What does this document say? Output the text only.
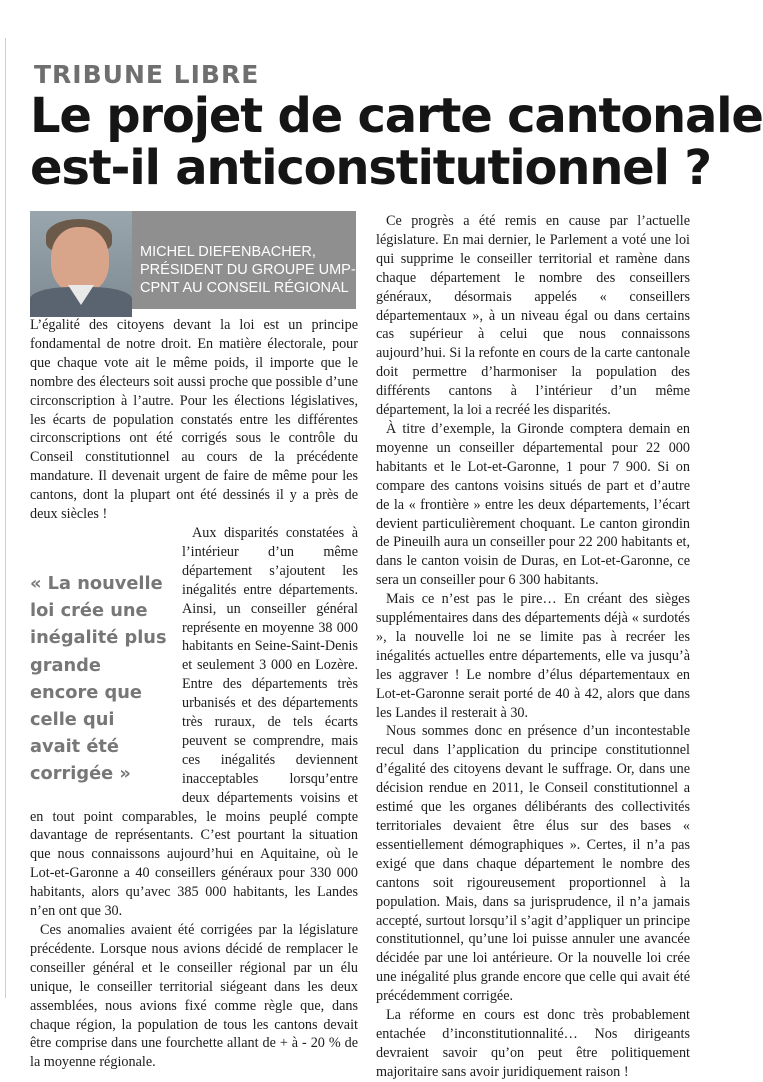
TRIBUNE LIBRE
Le projet de carte cantonale
est-il anticonstitutionnel ?
MICHEL DIEFENBACHER,
PRÉSIDENT DU GROUPE UMP-NC-
CPNT AU CONSEIL RÉGIONAL

L’égalité des citoyens devant la loi est un principe fondamental de notre droit. En matière électorale, pour que chaque vote ait le même poids, il importe que le nombre des électeurs soit aussi proche que possible d’une circonscription à l’autre. Pour les élections législatives, les écarts de population constatés entre les différentes circonscriptions ont été corrigés sous le contrôle du Conseil constitutionnel au cours de la précédente mandature. Il devenait urgent de faire de même pour les cantons, dont la plupart ont été dessinés il y a près de deux siècles !

« La nouvelle loi crée une inégalité plus grande encore que celle qui avait été corrigée »

Aux disparités constatées à l’intérieur d’un même département s’ajoutent les inégalités entre départements. Ainsi, un conseiller général représente en moyenne 38 000 habitants en Seine-Saint-Denis et seulement 3 000 en Lozère. Entre des départements très urbanisés et des départements très ruraux, de tels écarts peuvent se comprendre, mais ces inégalités deviennent inacceptables lorsqu’entre deux départements voisins et en tout point comparables, le moins peuplé compte davantage de représentants. C’est pourtant la situation que nous connaissons aujourd’hui en Aquitaine, où le Lot-et-Garonne a 40 conseillers généraux pour 330 000 habitants, alors qu’avec 385 000 habitants, les Landes n’en ont que 30.

Ces anomalies avaient été corrigées par la législature précédente. Lorsque nous avions décidé de remplacer le conseiller général et le conseiller régional par un élu unique, le conseiller territorial siégeant dans les deux assemblées, nous avions fixé comme règle que, dans chaque région, la population de tous les cantons devait être comprise dans une fourchette allant de + à - 20 % de la moyenne régionale.

Ce progrès a été remis en cause par l’actuelle législature. En mai dernier, le Parlement a voté une loi qui supprime le conseiller territorial et ramène dans chaque département le nombre des conseillers généraux, désormais appelés « conseillers départementaux », à un niveau égal ou dans certains cas supérieur à celui que nous connaissons aujourd’hui. Si la refonte en cours de la carte cantonale doit permettre d’harmoniser la population des différents cantons à l’intérieur d’un même département, la loi a recréé les disparités.

À titre d’exemple, la Gironde comptera demain en moyenne un conseiller départemental pour 22 000 habitants et le Lot-et-Garonne, 1 pour 7 900. Si on compare des cantons voisins situés de part et d’autre de la « frontière » entre les deux départements, l’écart devient particulièrement choquant. Le canton girondin de Pineuilh aura un conseiller pour 22 200 habitants et, dans le canton voisin de Duras, en Lot-et-Garonne, ce sera un conseiller pour 6 300 habitants.

Mais ce n’est pas le pire… En créant des sièges supplémentaires dans des départements déjà « surdotés », la nouvelle loi ne se limite pas à recréer les inégalités actuelles entre départements, elle va jusqu’à les aggraver ! Le nombre d’élus départementaux en Lot-et-Garonne serait porté de 40 à 42, alors que dans les Landes il resterait à 30.

Nous sommes donc en présence d’un incontestable recul dans l’application du principe constitutionnel d’égalité des citoyens devant le suffrage. Or, dans une décision rendue en 2011, le Conseil constitutionnel a estimé que les organes délibérants des collectivités territoriales devaient être élus sur des bases « essentiellement démographiques ». Certes, il n’a pas exigé que dans chaque département le nombre des cantons soit rigoureusement proportionnel à la population. Mais, dans sa jurisprudence, il n’a jamais accepté, surtout lorsqu’il s’agit d’appliquer un principe constitutionnel, qu’une loi puisse annuler une avancée décidée par une loi antérieure. Or la nouvelle loi crée une inégalité plus grande encore que celle qui avait été précédemment corrigée.

La réforme en cours est donc très probablement entachée d’inconstitutionnalité… Nos dirigeants devraient savoir qu’on peut être politiquement majoritaire sans avoir juridiquement raison !
